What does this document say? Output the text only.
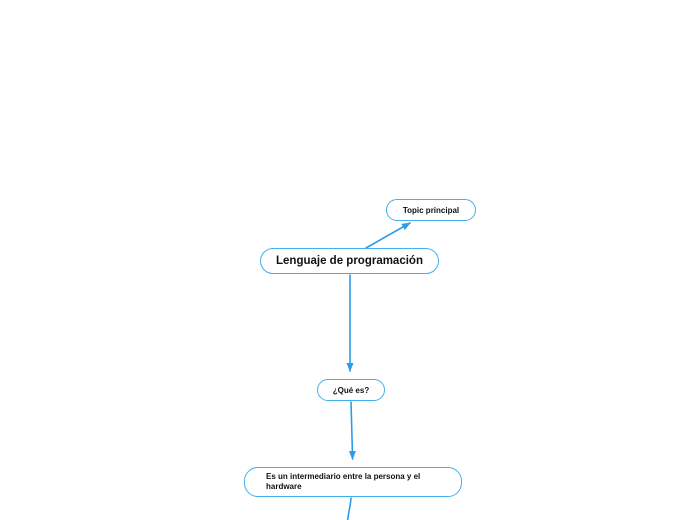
Topic principal
Lenguaje de programación
¿Qué es?
Es un intermediario entre la persona y el hardware
